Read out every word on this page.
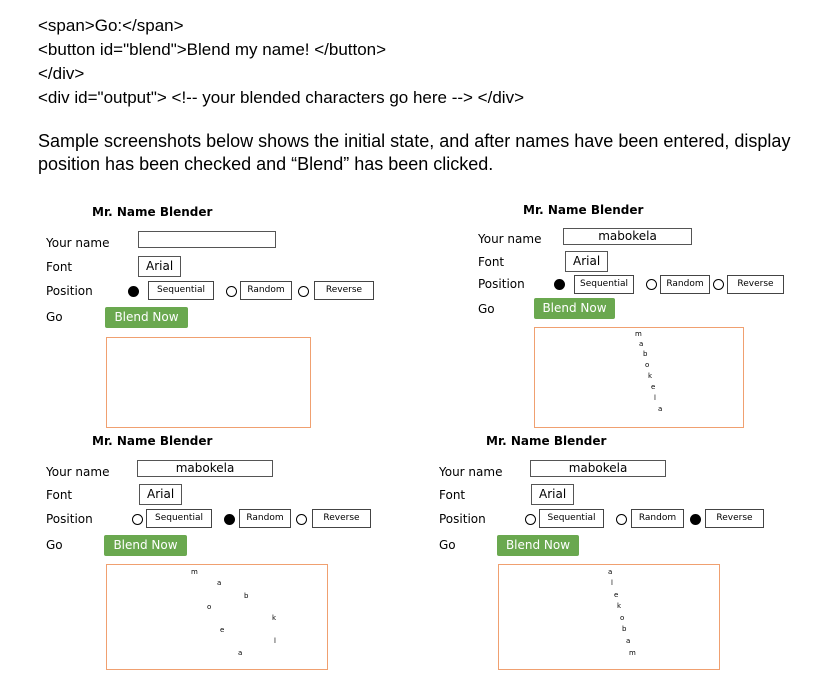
<span>Go:</span>
<button id="blend">Blend my name! </button>
</div>
<div id="output"> <!-- your blended characters go here --> </div>
Sample screenshots below shows the initial state, and after names have been entered, display position has been checked and “Blend” has been clicked.
Mr. Name Blender
Your name
Font	Arial
Position	Sequential	Random	Reverse
Go	Blend Now
Mr. Name Blender
Your name	mabokela
Font	Arial
Position	Sequential	Random	Reverse
Go	Blend Now
m
a
b
o
k
e
l
a
Mr. Name Blender
Your name	mabokela
Font	Arial
Position	Sequential	Random	Reverse
Go	Blend Now
m
a
b
o
k
e
l
a
Mr. Name Blender
Your name	mabokela
Font	Arial
Position	Sequential	Random	Reverse
Go	Blend Now
a
l
e
k
o
b
a
m
